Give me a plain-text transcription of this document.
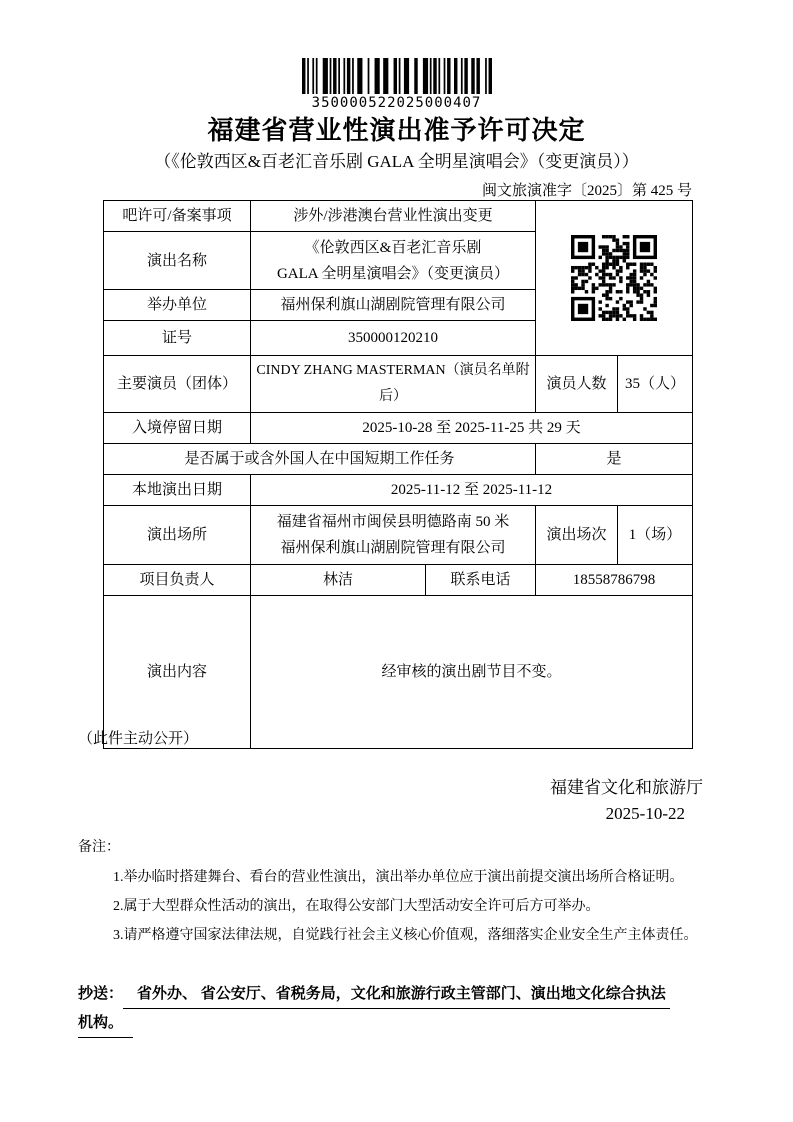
350000522025000407
福建省营业性演出准予许可决定
（《伦敦西区&百老汇音乐剧 GALA 全明星演唱会》（变更演员））
闽文旅演准字〔2025〕第 425 号
吧许可/备案事项	涉外/涉港澳台营业性演出变更	

演出名称	《伦敦西区&百老汇音乐剧
GALA 全明星演唱会》（变更演员）			

举办单位	福州保利旗山湖剧院管理有限公司			
证号	350000120210			
主要演员（团体）	CINDY ZHANG MASTERMAN（演员名单附后）		演员人数	35（人）
入境停留日期	2025-10-28 至 2025-11-25 共 29 天			
是否属于或含外国人在中国短期工作任务			是	
本地演出日期	2025-11-12 至 2025-11-12			
演出场所	福建省福州市闽侯县明德路南 50 米
福州保利旗山湖剧院管理有限公司		演出场次	1（场）
项目负责人	林洁	联系电话	18558786798	
演出内容	经审核的演出剧节目不变。			
（此件主动公开）
福建省文化和旅游厅
2025-10-22
备注：
1.举办临时搭建舞台、看台的营业性演出，演出举办单位应于演出前提交演出场所合格证明。
2.属于大型群众性活动的演出，在取得公安部门大型活动安全许可后方可举办。
3.请严格遵守国家法律法规，自觉践行社会主义核心价值观，落细落实企业安全生产主体责任。
抄送： 省外办、 省公安厅、省税务局，文化和旅游行政主管部门、演出地文化综合执法
机构。
